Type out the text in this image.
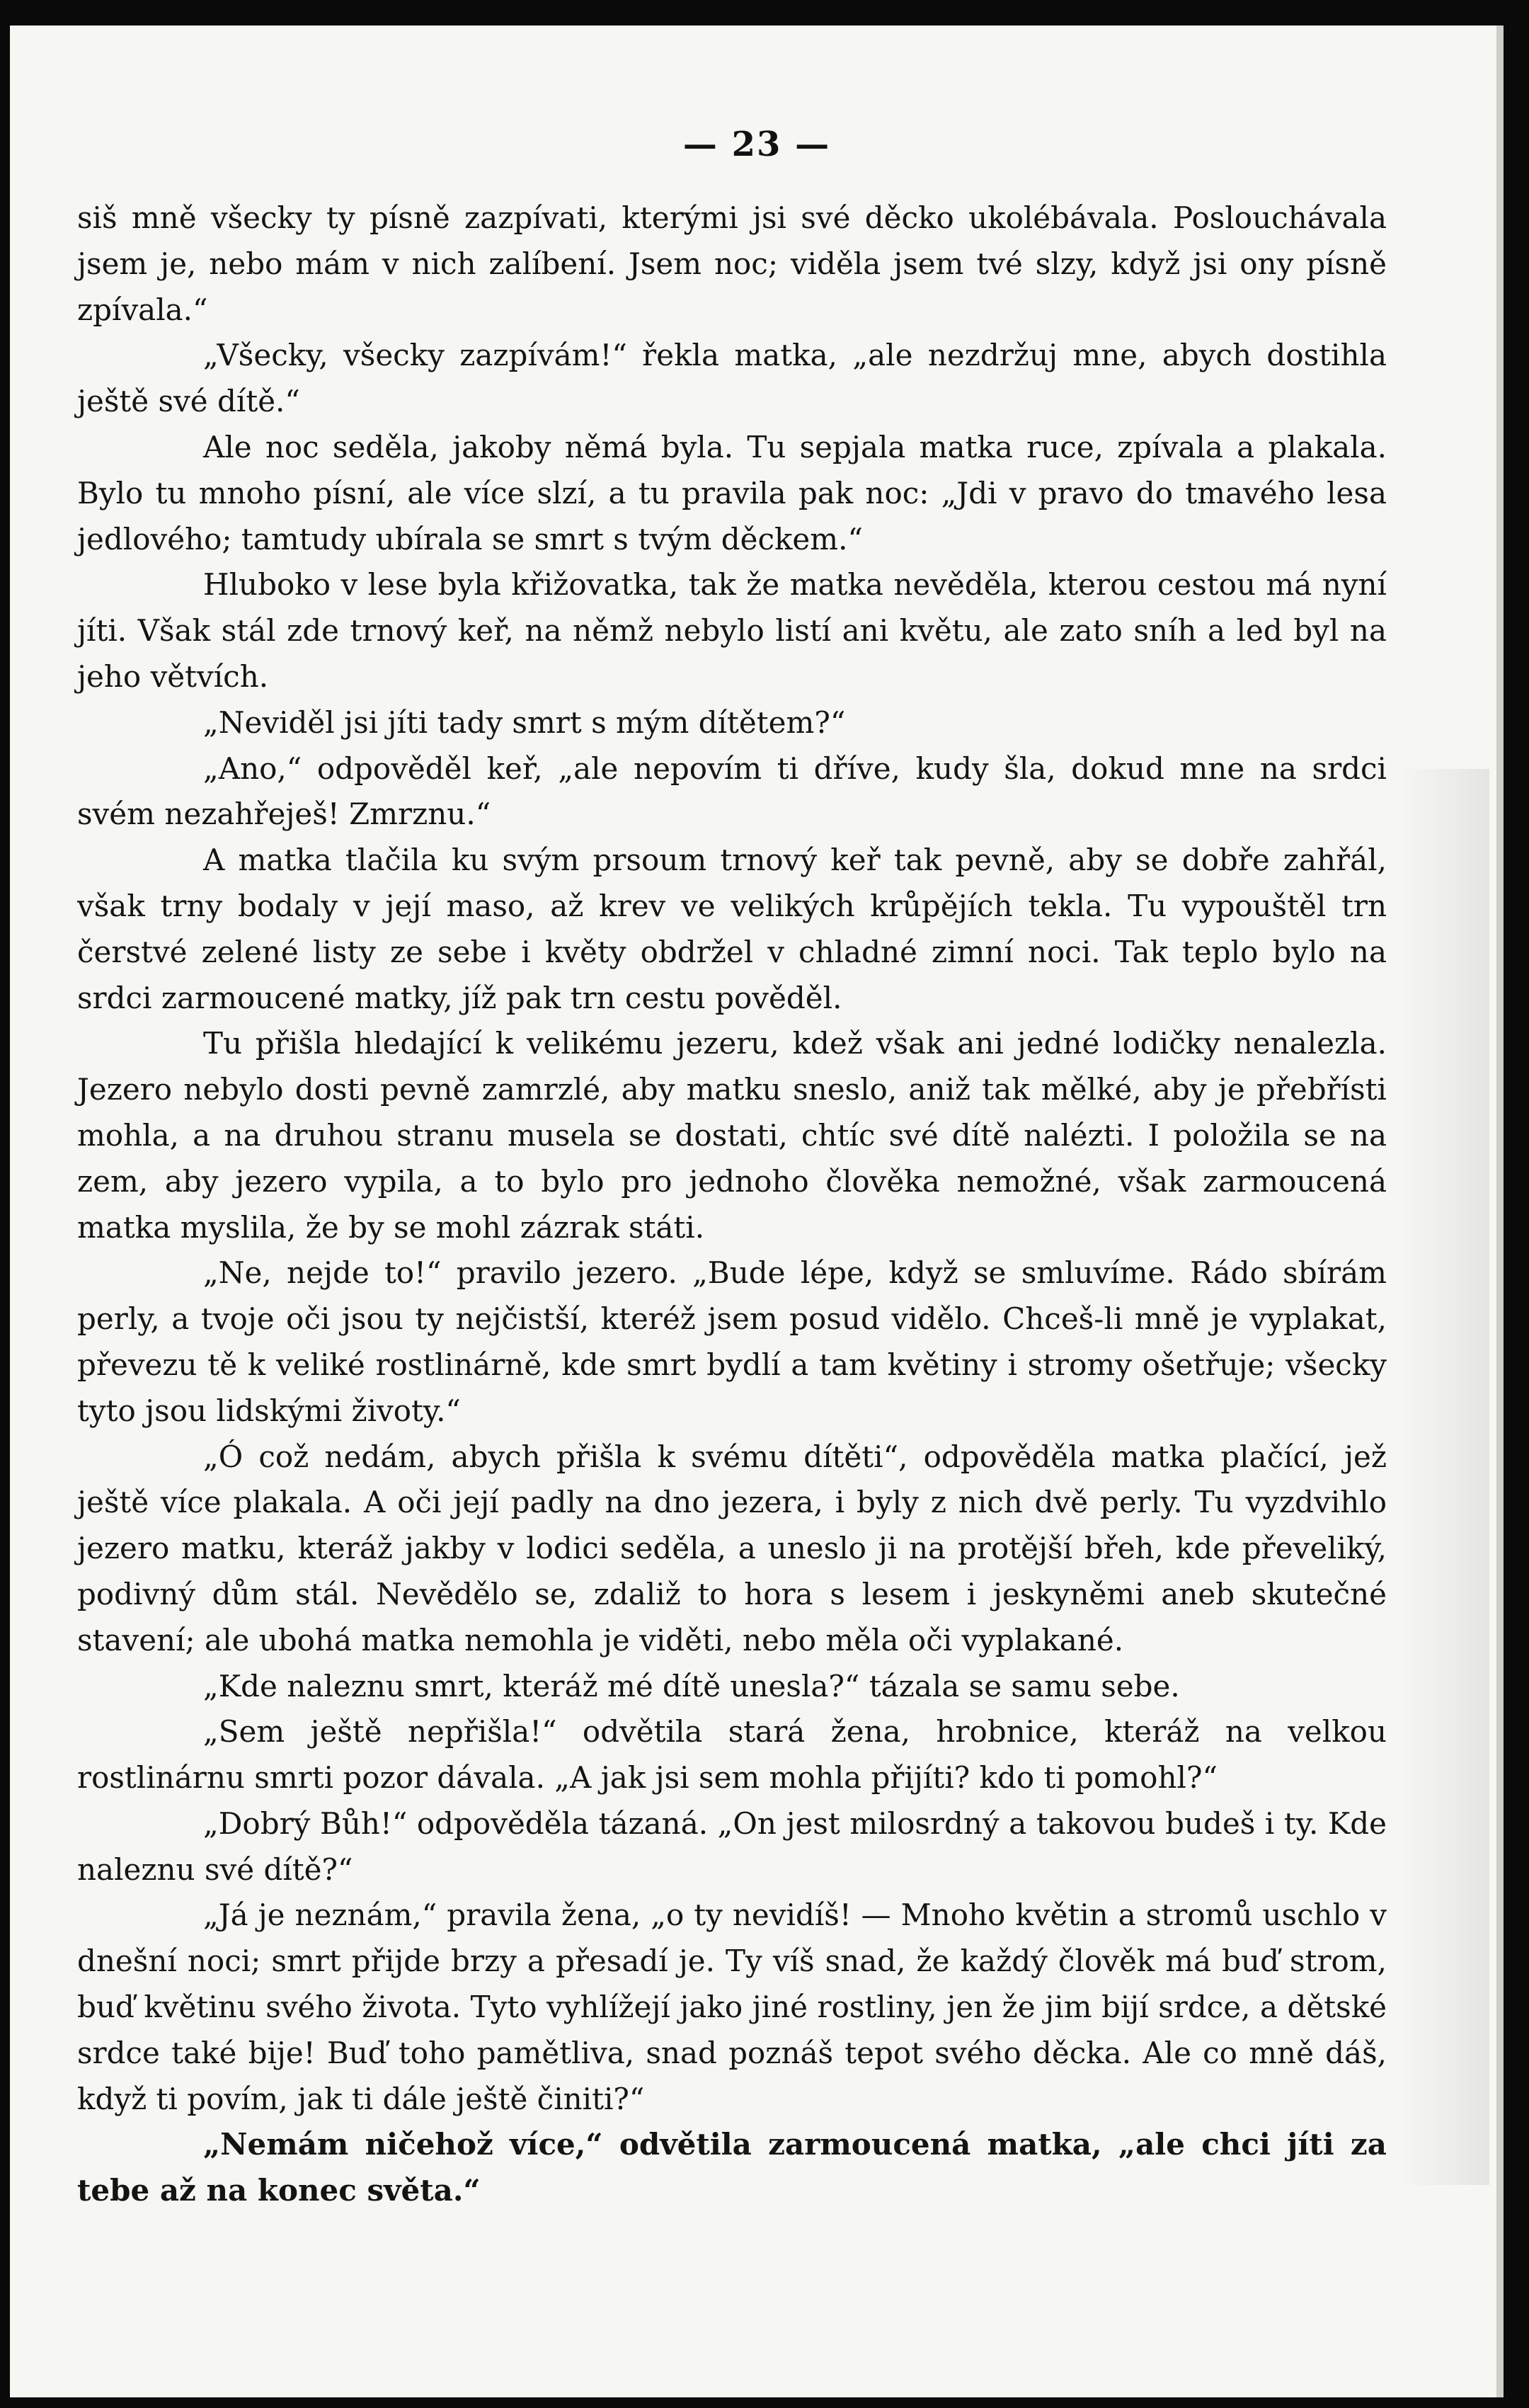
— 23 —

siš mně všecky ty písně zazpívati, kterými jsi své děcko ukolébávala. Poslouchávala jsem je, nebo mám v nich zalíbení. Jsem noc; viděla jsem tvé slzy, když jsi ony písně zpívala.“

„Všecky, všecky zazpívám!“ řekla matka, „ale nezdržuj mne, abych dostihla ještě své dítě.“

Ale noc seděla, jakoby němá byla. Tu sepjala matka ruce, zpívala a plakala. Bylo tu mnoho písní, ale více slzí, a tu pravila pak noc: „Jdi v pravo do tmavého lesa jedlového; tamtudy ubírala se smrt s tvým děckem.“

Hluboko v lese byla křižovatka, tak že matka nevěděla, kterou cestou má nyní jíti. Však stál zde trnový keř, na němž nebylo listí ani květu, ale zato sníh a led byl na jeho větvích.

„Neviděl jsi jíti tady smrt s mým dítětem?“

„Ano,“ odpověděl keř, „ale nepovím ti dříve, kudy šla, dokud mne na srdci svém nezahřeješ! Zmrznu.“

A matka tlačila ku svým prsoum trnový keř tak pevně, aby se dobře zahřál, však trny bodaly v její maso, až krev ve velikých krůpějích tekla. Tu vypouštěl trn čerstvé zelené listy ze sebe i květy obdržel v chladné zimní noci. Tak teplo bylo na srdci zarmoucené matky, jíž pak trn cestu pověděl.

Tu přišla hledající k velikému jezeru, kdež však ani jedné lodičky nenalezla. Jezero nebylo dosti pevně zamrzlé, aby matku sneslo, aniž tak mělké, aby je přebřísti mohla, a na druhou stranu musela se dostati, chtíc své dítě nalézti. I položila se na zem, aby jezero vypila, a to bylo pro jednoho člověka nemožné, však zarmoucená matka myslila, že by se mohl zázrak státi.

„Ne, nejde to!“ pravilo jezero. „Bude lépe, když se smluvíme. Rádo sbírám perly, a tvoje oči jsou ty nejčistší, kteréž jsem posud vidělo. Chceš-li mně je vyplakat, převezu tě k veliké rostlinárně, kde smrt bydlí a tam květiny i stromy ošetřuje; všecky tyto jsou lidskými životy.“

„Ó což nedám, abych přišla k svému dítěti“, odpověděla matka plačící, jež ještě více plakala. A oči její padly na dno jezera, i byly z nich dvě perly. Tu vyzdvihlo jezero matku, kteráž jakby v lodici seděla, a uneslo ji na protější břeh, kde převeliký, podivný dům stál. Nevědělo se, zdaliž to hora s lesem i jeskyněmi aneb skutečné stavení; ale ubohá matka nemohla je viděti, nebo měla oči vyplakané.

„Kde naleznu smrt, kteráž mé dítě unesla?“ tázala se samu sebe.

„Sem ještě nepřišla!“ odvětila stará žena, hrobnice, kteráž na velkou rostlinárnu smrti pozor dávala. „A jak jsi sem mohla přijíti? kdo ti pomohl?“

„Dobrý Bůh!“ odpověděla tázaná. „On jest milosrdný a takovou budeš i ty. Kde naleznu své dítě?“

„Já je neznám,“ pravila žena, „o ty nevidíš! — Mnoho květin a stromů uschlo v dnešní noci; smrt přijde brzy a přesadí je. Ty víš snad, že každý člověk má buď strom, buď květinu svého života. Tyto vyhlížejí jako jiné rostliny, jen že jim bijí srdce, a dětské srdce také bije! Buď toho pamětliva, snad poznáš tepot svého děcka. Ale co mně dáš, když ti povím, jak ti dále ještě činiti?“

„Nemám ničehož více,“ odvětila zarmoucená matka, „ale chci jíti za tebe až na konec světa.“
